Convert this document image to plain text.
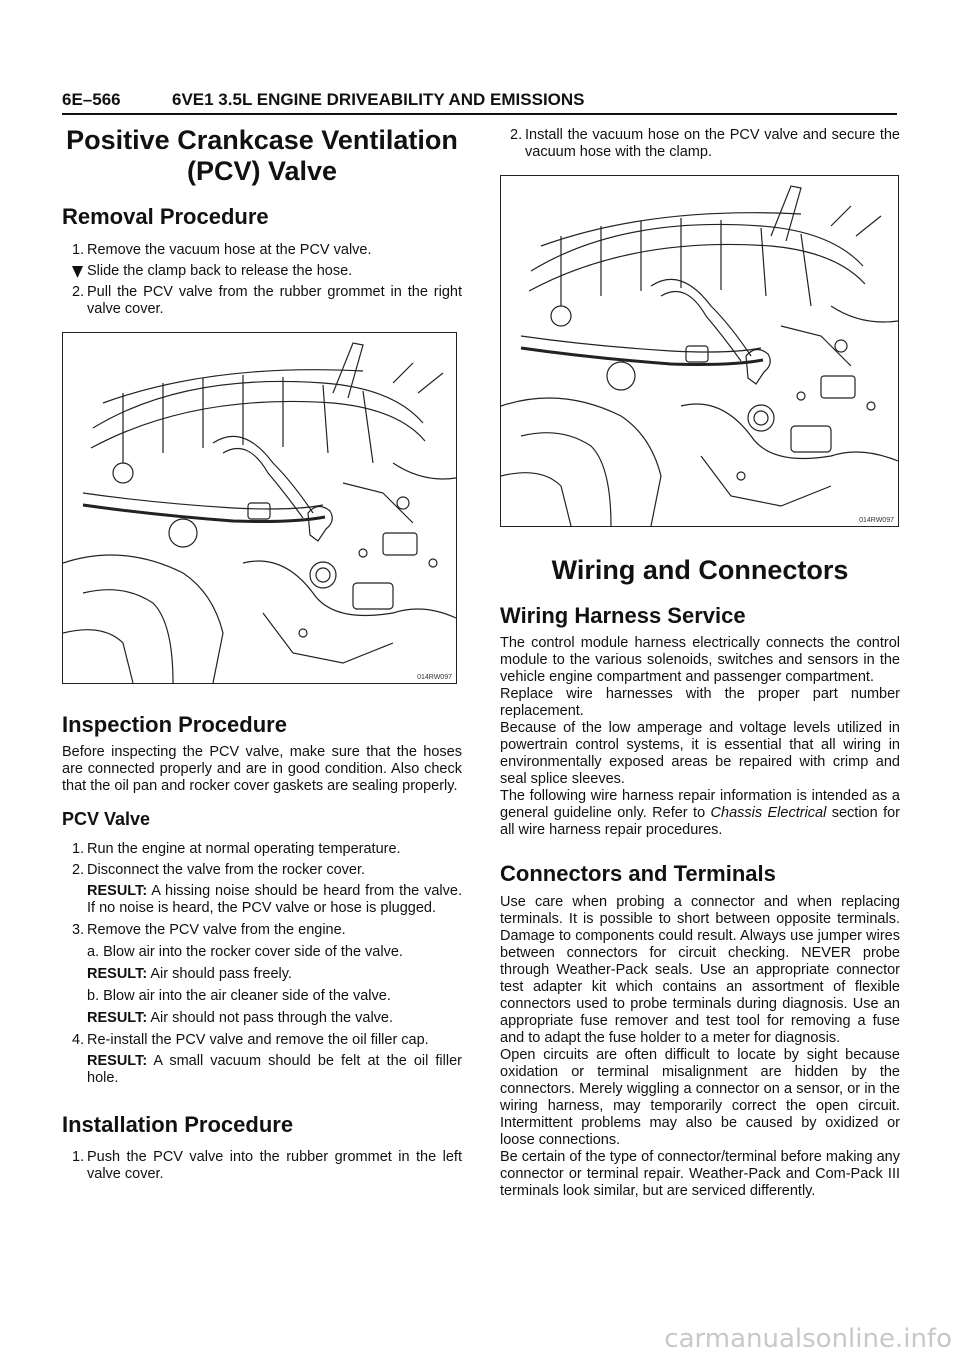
6E–566	6VE1 3.5L ENGINE DRIVEABILITY AND EMISSIONS
Positive Crankcase Ventilation
(PCV) Valve
Removal Procedure
1. Remove the vacuum hose at the PCV valve.
Slide the clamp back to release the hose.
2. Pull the PCV valve from the rubber grommet in the right valve cover.
014RW097
Inspection Procedure

Before inspecting the PCV valve, make sure that the hoses are connected properly and are in good condition. Also check that the oil pan and rocker cover gaskets are sealing properly.

PCV Valve
1. Run the engine at normal operating temperature.
2. Disconnect the valve from the rocker cover.
RESULT: A hissing noise should be heard from the valve. If no noise is heard, the PCV valve or hose is plugged.
3. Remove the PCV valve from the engine.
a. Blow air into the rocker cover side of the valve.
RESULT: Air should pass freely.
b. Blow air into the air cleaner side of the valve.
RESULT: Air should not pass through the valve.
4. Re-install the PCV valve and remove the oil filler cap.
RESULT: A small vacuum should be felt at the oil filler hole.
Installation Procedure
1. Push the PCV valve into the rubber grommet in the left valve cover.
2. Install the vacuum hose on the PCV valve and secure the vacuum hose with the clamp.
014RW097
Wiring and Connectors
Wiring Harness Service

The control module harness electrically connects the control module to the various solenoids, switches and sensors in the vehicle engine compartment and passenger compartment.

Replace wire harnesses with the proper part number replacement.

Because of the low amperage and voltage levels utilized in powertrain control systems, it is essential that all wiring in environmentally exposed areas be repaired with crimp and seal splice sleeves.

The following wire harness repair information is intended as a general guideline only. Refer to Chassis Electrical section for all wire harness repair procedures.

Connectors and Terminals

Use care when probing a connector and when replacing terminals. It is possible to short between opposite terminals. Damage to components could result. Always use jumper wires between connectors for circuit checking. NEVER probe through Weather-Pack seals. Use an appropriate connector test adapter kit which contains an assortment of flexible connectors used to probe terminals during diagnosis. Use an appropriate fuse remover and test tool for removing a fuse and to adapt the fuse holder to a meter for diagnosis.

Open circuits are often difficult to locate by sight because oxidation or terminal misalignment are hidden by the connectors. Merely wiggling a connector on a sensor, or in the wiring harness, may temporarily correct the open circuit. Intermittent problems may also be caused by oxidized or loose connections.

Be certain of the type of connector/terminal before making any connector or terminal repair. Weather-Pack and Com-Pack III terminals look similar, but are serviced differently.

carmanualsonline.info
